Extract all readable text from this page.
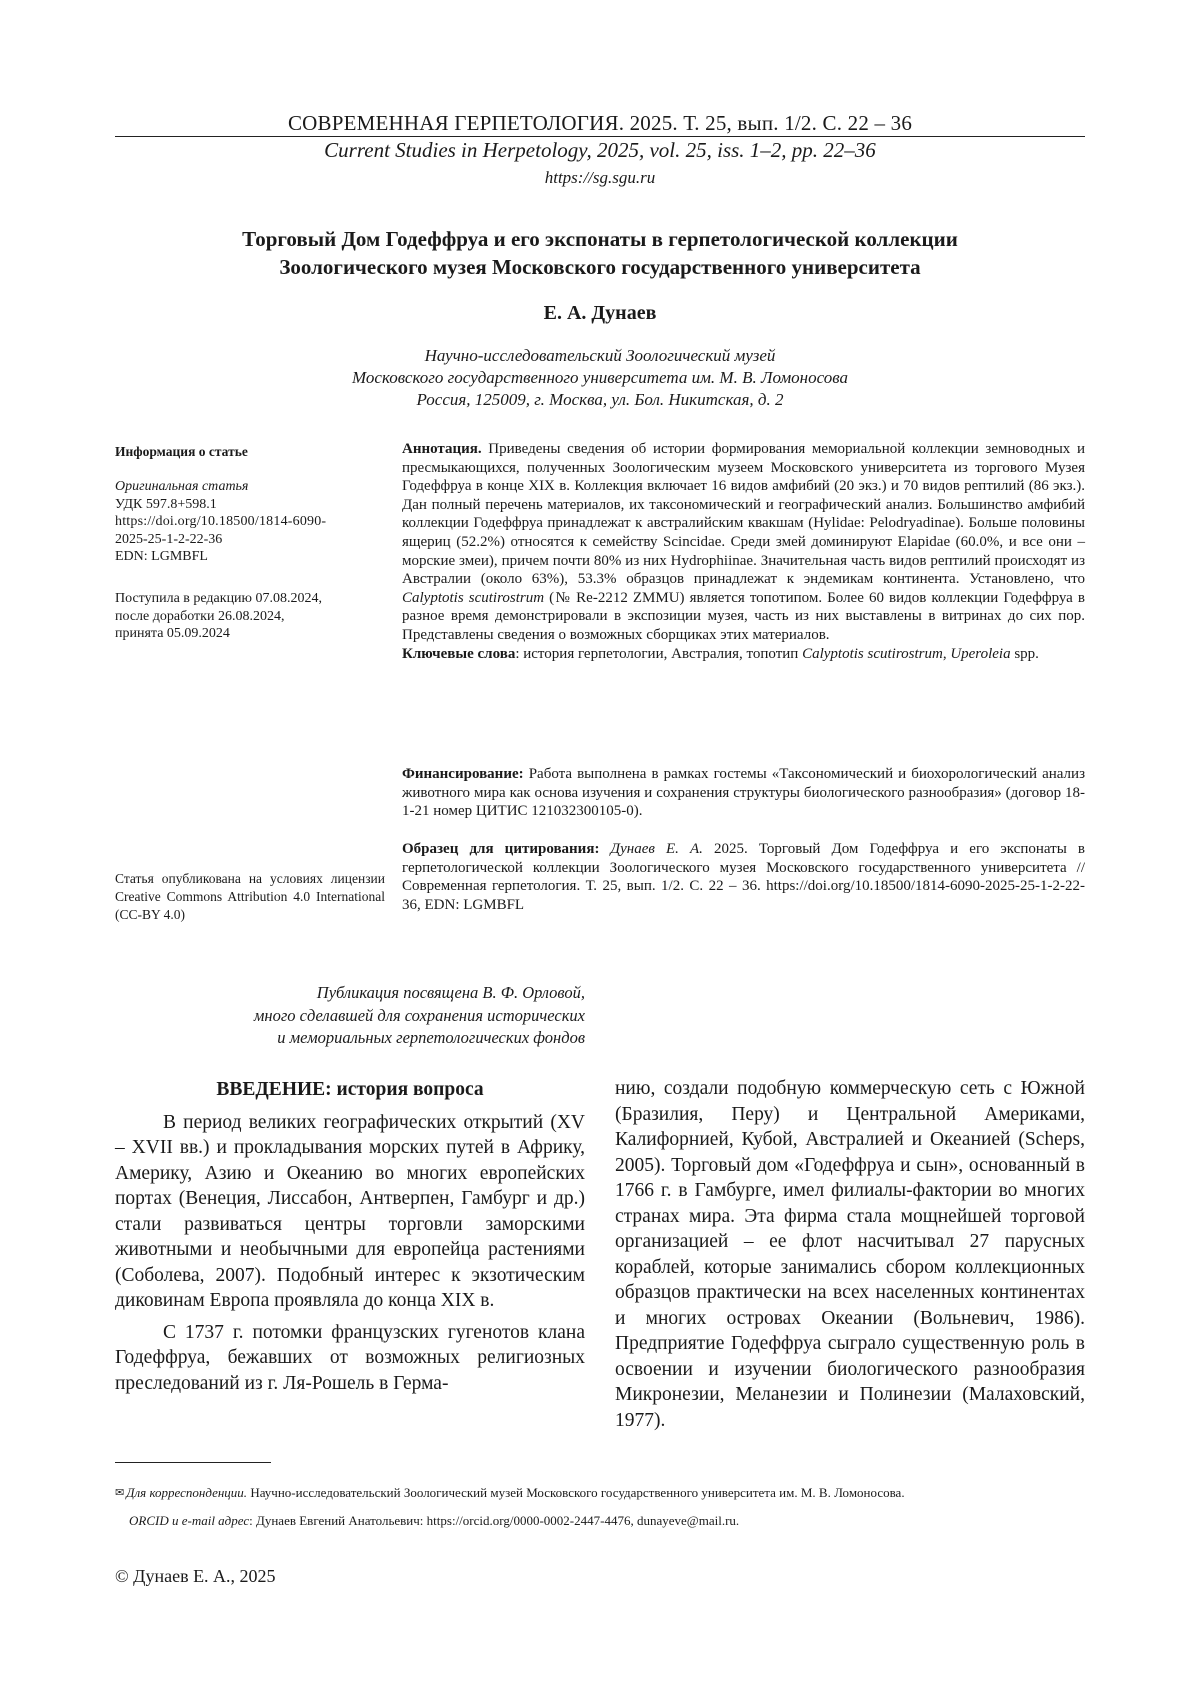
СОВРЕМЕННАЯ ГЕРПЕТОЛОГИЯ. 2025. Т. 25, вып. 1/2. С. 22 – 36
Current Studies in Herpetology, 2025, vol. 25, iss. 1–2, pp. 22–36
https://sg.sgu.ru
Торговый Дом Годеффруа и его экспонаты в герпетологической коллекции
Зоологического музея Московского государственного университета
Е. А. Дунаев
Научно-исследовательский Зоологический музей
Московского государственного университета им. М. В. Ломоносова
Россия, 125009, г. Москва, ул. Бол. Никитская, д. 2
Информация о статье
Оригинальная статья
УДК 597.8+598.1
https://doi.org/10.18500/1814-6090-
2025-25-1-2-22-36
EDN: LGMBFL
Поступила в редакцию 07.08.2024,
после доработки 26.08.2024,
принята 05.09.2024
Статья опубликована на условиях лицензии Creative Commons Attribution 4.0 International (CC-BY 4.0)
Аннотация. Приведены сведения об истории формирования мемориальной коллекции земноводных и пресмыкающихся, полученных Зоологическим музеем Московского университета из торгового Музея Годеффруа в конце XIX в. Коллекция включает 16 видов амфибий (20 экз.) и 70 видов рептилий (86 экз.). Дан полный перечень материалов, их таксономический и географический анализ. Большинство амфибий коллекции Годеффруа принадлежат к австралийским квакшам (Hylidae: Pelodryadinae). Больше половины ящериц (52.2%) относятся к семейству Scincidae. Среди змей доминируют Elapidae (60.0%, и все они – морские змеи), причем почти 80% из них Hydrophiinae. Значительная часть видов рептилий происходят из Австралии (около 63%), 53.3% образцов принадлежат к эндемикам континента. Установлено, что Calyptotis scutirostrum (№ Re-2212 ZMMU) является топотипом. Более 60 видов коллекции Годеффруа в разное время демонстрировали в экспозиции музея, часть из них выставлены в витринах до сих пор. Представлены сведения о возможных сборщиках этих материалов.
Ключевые слова: история герпетологии, Австралия, топотип Calyptotis scutirostrum, Uperoleia spp.
Финансирование: Работа выполнена в рамках гостемы «Таксономический и биохорологический анализ животного мира как основа изучения и сохранения структуры биологического разнообразия» (договор 18-1-21 номер ЦИТИС 121032300105-0).
Образец для цитирования: Дунаев Е. А. 2025. Торговый Дом Годеффруа и его экспонаты в герпетологической коллекции Зоологического музея Московского государственного университета // Современная герпетология. Т. 25, вып. 1/2. С. 22 – 36. https://doi.org/10.18500/1814-6090-2025-25-1-2-22-36, EDN: LGMBFL
Публикация посвящена В. Ф. Орловой,
много сделавшей для сохранения исторических
и мемориальных герпетологических фондов
ВВЕДЕНИЕ: история вопроса

В период великих географических открытий (XV – XVII вв.) и прокладывания морских путей в Африку, Америку, Азию и Океанию во многих европейских портах (Венеция, Лиссабон, Антверпен, Гамбург и др.) стали развиваться центры торговли заморскими животными и необычными для европейца растениями (Соболева, 2007). Подобный интерес к экзотическим диковинам Европа проявляла до конца XIX в.

С 1737 г. потомки французских гугенотов клана Годеффруа, бежавших от возможных религиозных преследований из г. Ля-Рошель в Герма-

нию, создали подобную коммерческую сеть с Южной (Бразилия, Перу) и Центральной Америками, Калифорнией, Кубой, Австралией и Океанией (Scheps, 2005). Торговый дом «Годеффруа и сын», основанный в 1766 г. в Гамбурге, имел филиалы-фактории во многих странах мира. Эта фирма стала мощнейшей торговой организацией – ее флот насчитывал 27 парусных кораблей, которые занимались сбором коллекционных образцов практически на всех населенных континентах и многих островах Океании (Вольневич, 1986). Предприятие Годеффруа сыграло существенную роль в освоении и изучении биологического разнообразия Микронезии, Меланезии и Полинезии (Малаховский, 1977).

✉ Для корреспонденции. Научно-исследовательский Зоологический музей Московского государственного университета им. М. В. Ломоносова.
ORCID и e-mail адрес: Дунаев Евгений Анатольевич: https://orcid.org/0000-0002-2447-4476, dunayeve@mail.ru.
© Дунаев Е. А., 2025
